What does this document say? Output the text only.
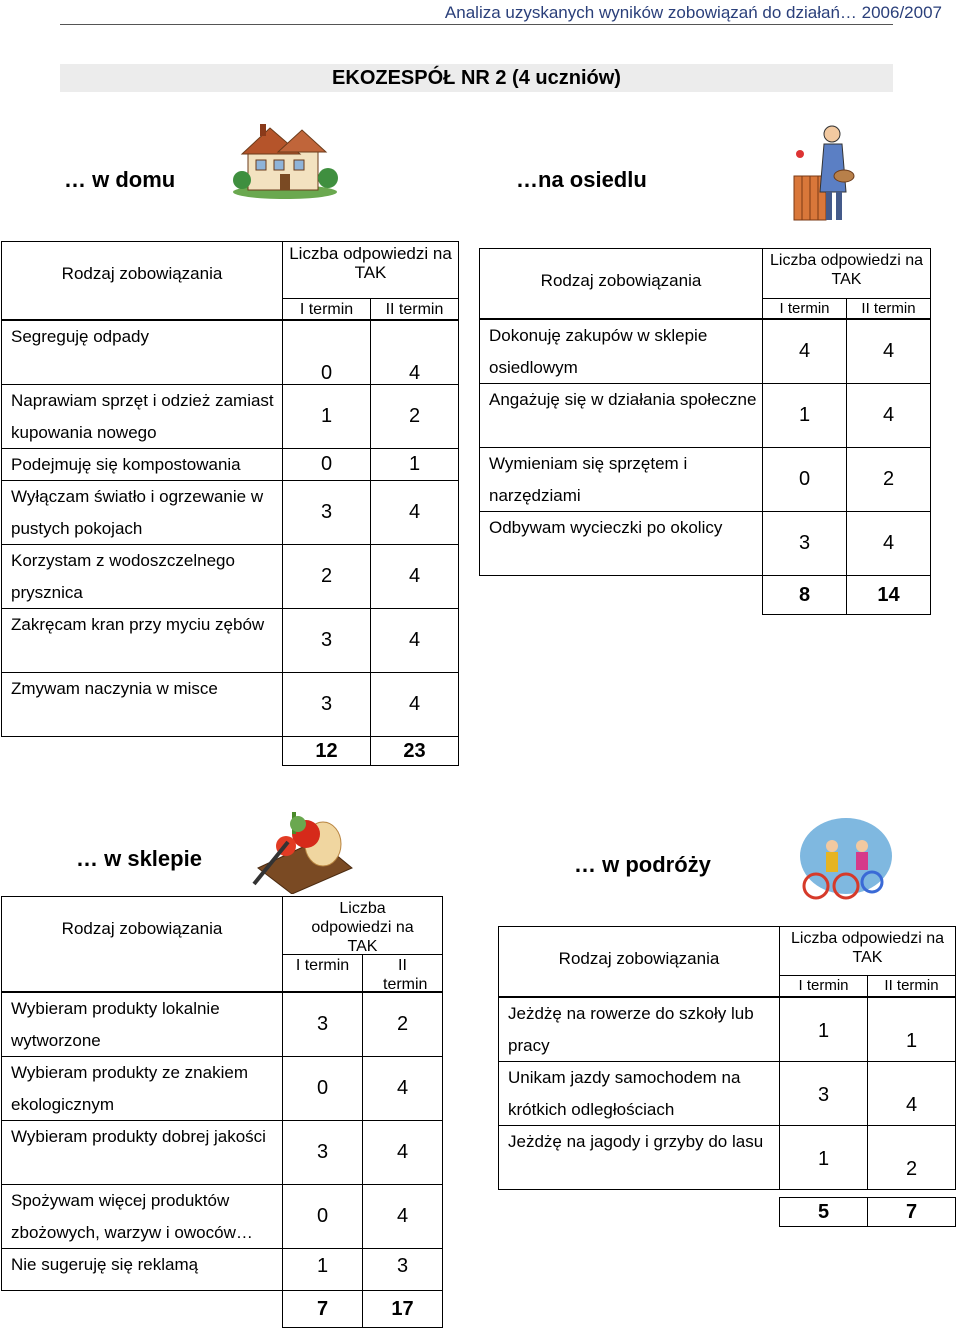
Analiza uzyskanych wyników zobowiązań do działań… 2006/2007
EKOZESPÓŁ NR 2 (4 uczniów)
… w domu	…na osiedlu
… w sklepie	… w podróży
Rodzaj zobowiązania
Liczba odpowiedzi na TAK
I termin	II termin
Segreguję odpady
0	4
Naprawiam sprzęt i odzież zamiast kupowania nowego
1	2
Podejmuję się kompostowania	0	1
Wyłączam światło i ogrzewanie w pustych pokojach
3	4
Korzystam z wodoszczelnego prysznica
2	4
Zakręcam kran przy myciu zębów
3	4
Zmywam naczynia w misce
3	4
12	23
Rodzaj zobowiązania
Liczba odpowiedzi na TAK
I termin	II termin
Dokonuję zakupów w sklepie osiedlowym
4	4
Angażuję się w działania społeczne
1	4
Wymieniam się sprzętem i narzędziami
0	2
Odbywam wycieczki po okolicy
3	4
8	14
Rodzaj zobowiązania
Liczba odpowiedzi na TAK
I termin	II termin
Wybieram produkty lokalnie wytworzone
3	2
Wybieram produkty ze znakiem ekologicznym
0	4
Wybieram produkty dobrej jakości
3	4
Spożywam więcej produktów zbożowych, warzyw i owoców…
0	4
Nie sugeruję się reklamą	1	3
7	17
Rodzaj zobowiązania
Liczba odpowiedzi na TAK
I termin	II termin
Jeżdżę na rowerze do szkoły lub pracy
1	1
Unikam jazdy samochodem na krótkich odległościach
3	4
Jeżdżę na jagody i grzyby do lasu
1	2
5	7
